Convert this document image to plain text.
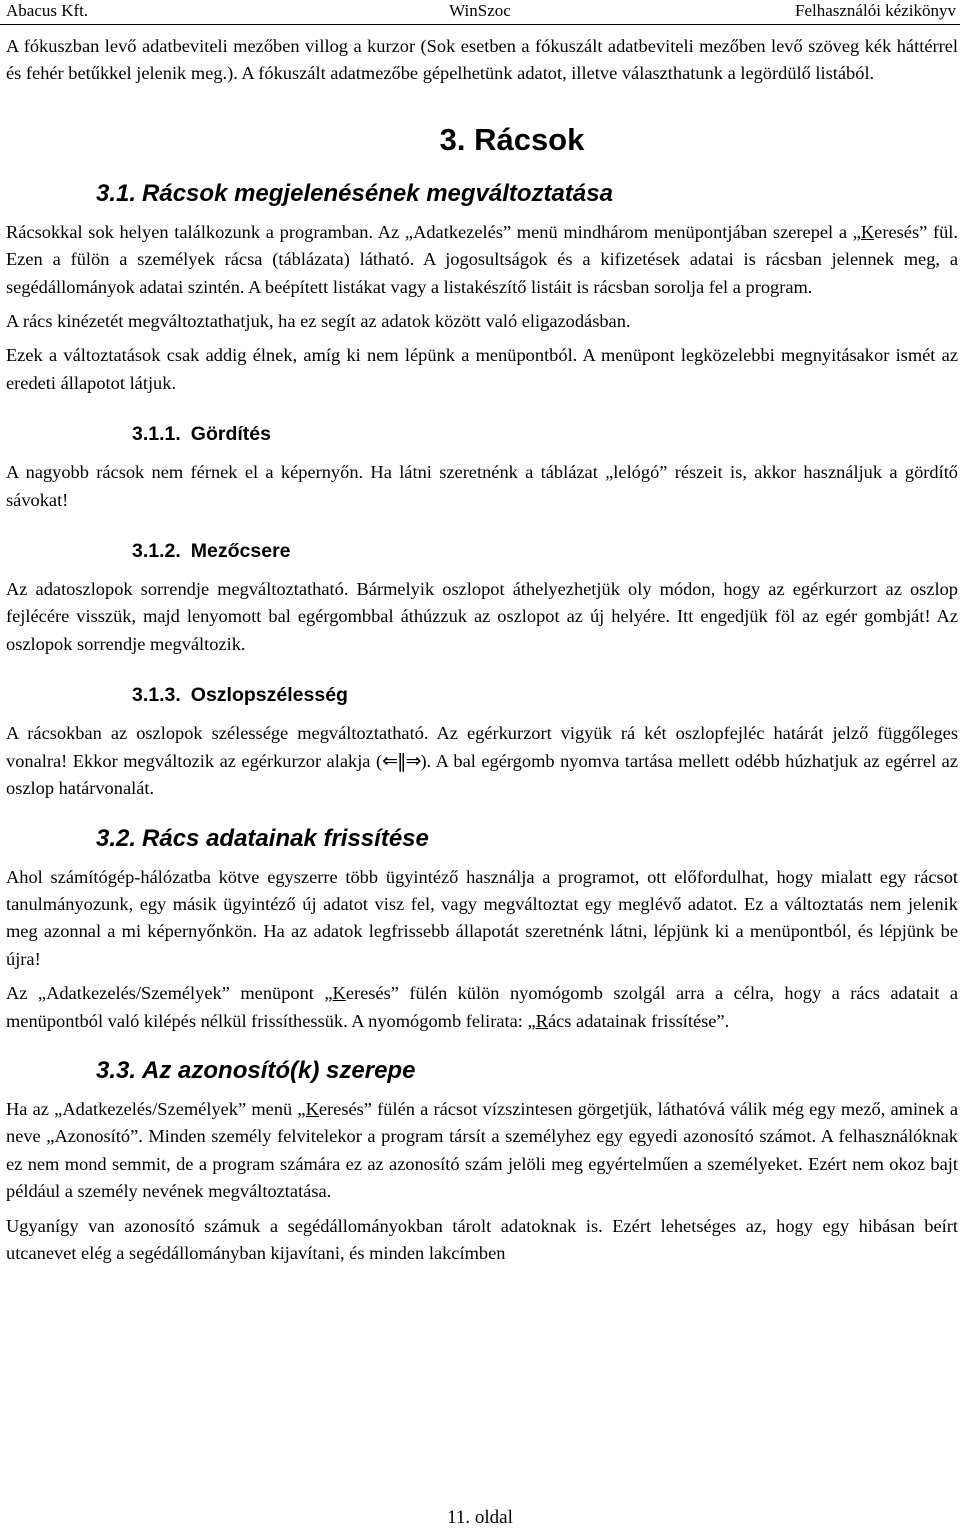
WinSzoc
Abacus Kft.	Felhasználói kézikönyv

A fókuszban levő adatbeviteli mezőben villog a kurzor (Sok esetben a fókuszált adatbeviteli mezőben levő szöveg kék háttérrel és fehér betűkkel jelenik meg.). A fókuszált adatmezőbe gépelhetünk adatot, illetve választhatunk a legördülő listából.

3. Rácsok
3.1. Rácsok megjelenésének megváltoztatása

Rácsokkal sok helyen találkozunk a programban. Az „Adatkezelés” menü mindhárom menüpontjában szerepel a „Keresés” fül. Ezen a fülön a személyek rácsa (táblázata) látható. A jogosultságok és a kifizetések adatai is rácsban jelennek meg, a segédállományok adatai szintén. A beépített listákat vagy a listakészítő listáit is rácsban sorolja fel a program.

A rács kinézetét megváltoztathatjuk, ha ez segít az adatok között való eligazodásban.

Ezek a változtatások csak addig élnek, amíg ki nem lépünk a menüpontból. A menüpont legközelebbi megnyitásakor ismét az eredeti állapotot látjuk.

3.1.1. Gördítés

A nagyobb rácsok nem férnek el a képernyőn. Ha látni szeretnénk a táblázat „lelógó” részeit is, akkor használjuk a gördítő sávokat!

3.1.2. Mezőcsere

Az adatoszlopok sorrendje megváltoztatható. Bármelyik oszlopot áthelyezhetjük oly módon, hogy az egérkurzort az oszlop fejlécére visszük, majd lenyomott bal egérgombbal áthúzzuk az oszlopot az új helyére. Itt engedjük föl az egér gombját! Az oszlopok sorrendje megváltozik.

3.1.3. Oszlopszélesség

A rácsokban az oszlopok szélessége megváltoztatható. Az egérkurzort vigyük rá két oszlopfejléc határát jelző függőleges vonalra! Ekkor megváltozik az egérkurzor alakja (⇐‖⇒). A bal egérgomb nyomva tartása mellett odébb húzhatjuk az egérrel az oszlop határvonalát.

3.2. Rács adatainak frissítése

Ahol számítógép-hálózatba kötve egyszerre több ügyintéző használja a programot, ott előfordulhat, hogy mialatt egy rácsot tanulmányozunk, egy másik ügyintéző új adatot visz fel, vagy megváltoztat egy meglévő adatot. Ez a változtatás nem jelenik meg azonnal a mi képernyőnkön. Ha az adatok legfrissebb állapotát szeretnénk látni, lépjünk ki a menüpontból, és lépjünk be újra!

Az „Adatkezelés/Személyek” menüpont „Keresés” fülén külön nyomógomb szolgál arra a célra, hogy a rács adatait a menüpontból való kilépés nélkül frissíthessük. A nyomógomb felirata: „Rács adatainak frissítése”.

3.3. Az azonosító(k) szerepe

Ha az „Adatkezelés/Személyek” menü „Keresés” fülén a rácsot vízszintesen görgetjük, láthatóvá válik még egy mező, aminek a neve „Azonosító”. Minden személy felvitelekor a program társít a személyhez egy egyedi azonosító számot. A felhasználóknak ez nem mond semmit, de a program számára ez az azonosító szám jelöli meg egyértelműen a személyeket. Ezért nem okoz bajt például a személy nevének megváltoztatása.

Ugyanígy van azonosító számuk a segédállományokban tárolt adatoknak is. Ezért lehetséges az, hogy egy hibásan beírt utcanevet elég a segédállományban kijavítani, és minden lakcímben

11. oldal
